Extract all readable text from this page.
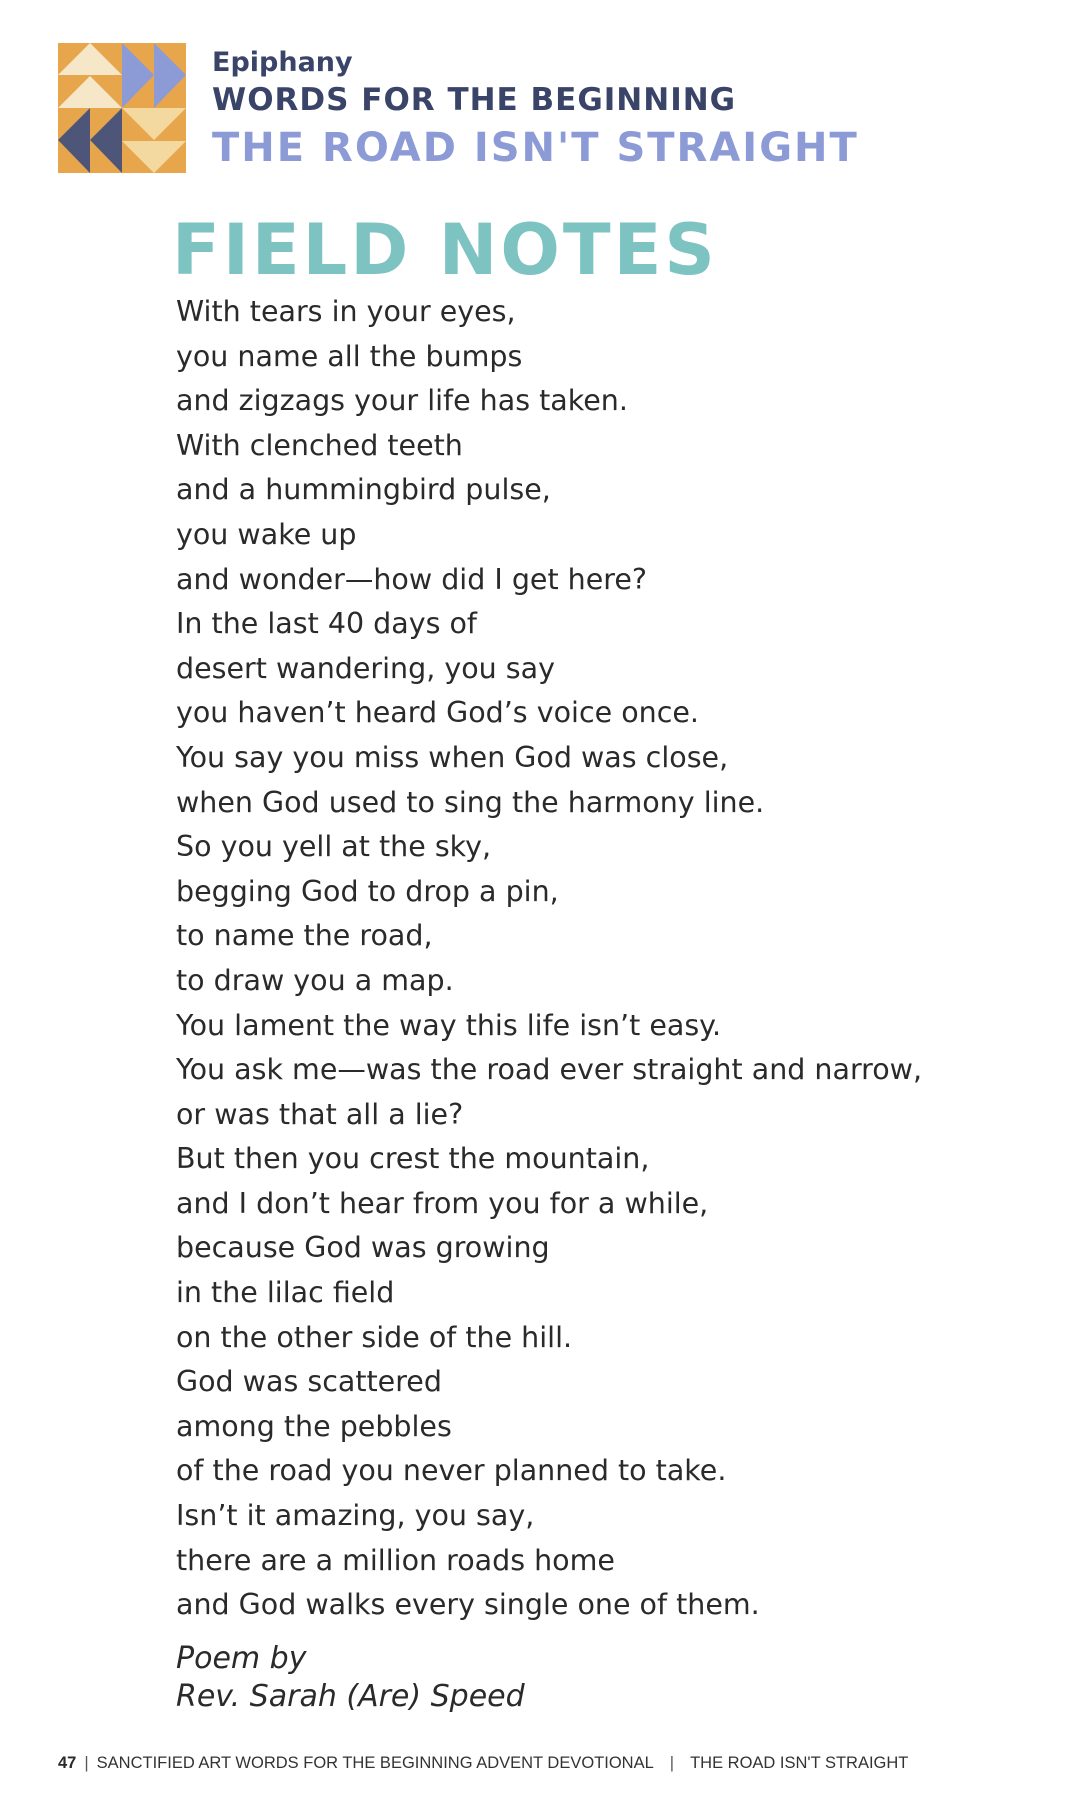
Epiphany

WORDS FOR THE BEGINNING

THE ROAD ISN'T STRAIGHT

FIELD NOTES
With tears in your eyes,
you name all the bumps
and zigzags your life has taken.
With clenched teeth
and a hummingbird pulse,
you wake up
and wonder—how did I get here?
In the last 40 days of
desert wandering, you say
you haven’t heard God’s voice once.
You say you miss when God was close,
when God used to sing the harmony line.
So you yell at the sky,
begging God to drop a pin,
to name the road,
to draw you a map.
You lament the way this life isn’t easy.
You ask me—was the road ever straight and narrow,
or was that all a lie?
But then you crest the mountain,
and I don’t hear from you for a while,
because God was growing
in the lilac field
on the other side of the hill.
God was scattered
among the pebbles
of the road you never planned to take.
Isn’t it amazing, you say,
there are a million roads home
and God walks every single one of them.
Poem by
Rev. Sarah (Are) Speed
47 | SANCTIFIED ART WORDS FOR THE BEGINNING ADVENT DEVOTIONAL | THE ROAD ISN'T STRAIGHT
